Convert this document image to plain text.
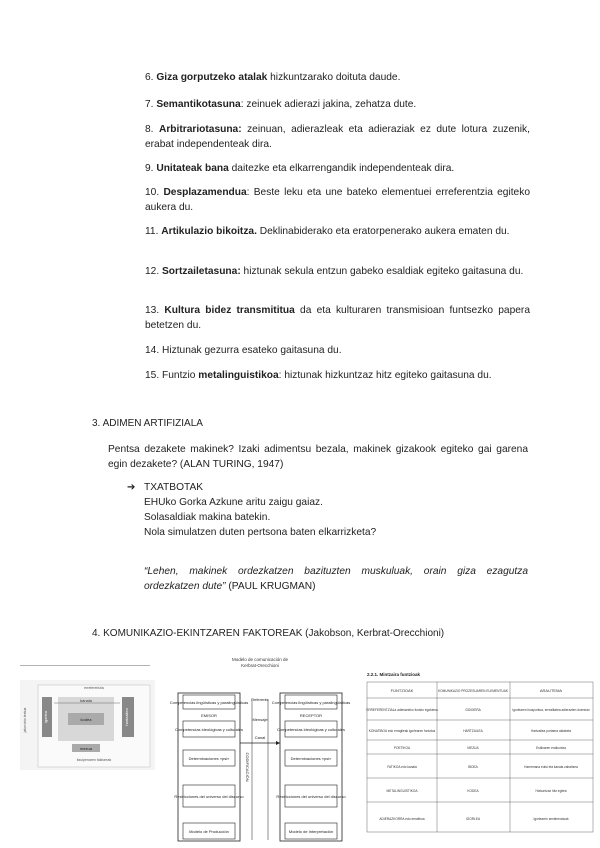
6. Giza gorputzeko atalak hizkuntzarako doituta daude.
7. Semantikotasuna: zeinuek adierazi jakina, zehatza dute.
8. Arbitrariotasuna: zeinuan, adierazleak eta adieraziak ez dute lotura zuzenik, erabat independenteak dira.
9. Unitateak bana daitezke eta elkarrengandik independenteak dira.
10. Desplazamendua: Beste leku eta une bateko elementuei erreferentzia egiteko aukera du.
11. Artikulazio bikoitza. Deklinabiderako eta eratorpenerako aukera ematen du.
12. Sortzailetasuna: hiztunak sekula entzun gabeko esaldiak egiteko gaitasuna du.
13. Kultura bidez transmititua da eta kulturaren transmisioan funtsezko papera betetzen du.
14. Hiztunak gezurra esateko gaitasuna du.
15. Funtzio metalinguistikoa: hiztunak hizkuntzaz hitz egiteko gaitasuna du.
3. ADIMEN ARTIFIZIALA
Pentsa dezakete makinek? Izaki adimentsu bezala, makinek gizakook egiteko gai garena egin dezakete? (ALAN TURING, 1947)
➔ TXATBOTAK
EHUko Gorka Azkune aritu zaigu gaiaz.
Solasaldiak makina batekin.
Nola simulatzen duten pertsona baten elkarrizketa?
“Lehen, makinek ordezkatzen bazituzten muskuluak, orain giza ezagutza ordezkatzen dute” (PAUL KRUGMAN)
4. KOMUNIKAZIO-EKINTZAREN FAKTOREAK (Jakobson, Kerbrat-Orecchioni)
erreferentzia
igorlea	hartzailea
kanala
kodea
mezua
jatorrizko testua
itzulpenaren faktoreak
Modelo de comunicación de
Kerbrat-Orecchioni
Competencias lingüísticas y paralingüísticas
EMISOR
Competencias ideológicas y culturales
Determinaciones «psi»
Restricciones del universo del discurso
Modelo de Producción
Competencias lingüísticas y paralingüísticas
RECEPTOR
Competencias ideológicas y culturales
Determinaciones «psi»
Restricciones del universo del discurso
Modelo de Interpretación
Referente
Mensaje
Canal
CODIFICACIÓN
2.2.1. Mintzaira funtzioak
FUNTZIOAK	KOMUNIKAZIO PROZESUAREN ELEMENTUAK	ARAUTEMA
ERREFERENTZIALa adierazteko funtzio egokiena	GIDOIERA	Igorlearen ikuspuntua, errealitatea adierazten duenean
KONATIBOA edo erragileak igorlearen funtzioa	HARTZAILEA	Hartzailea portaera aldaketa
POETIKOA	MEZUA	Estiloaren eraikuntza
FATIKOA edo kanala	BIDEA	Harremana eutsi eta kanala zabaltzea
METALINGUISTIKOA	KODEA	Hizkuntzaz hitz egitea
ADIERAZKORRA edo emotiboa	IGORLEA	Igorlearen sentimenduak
